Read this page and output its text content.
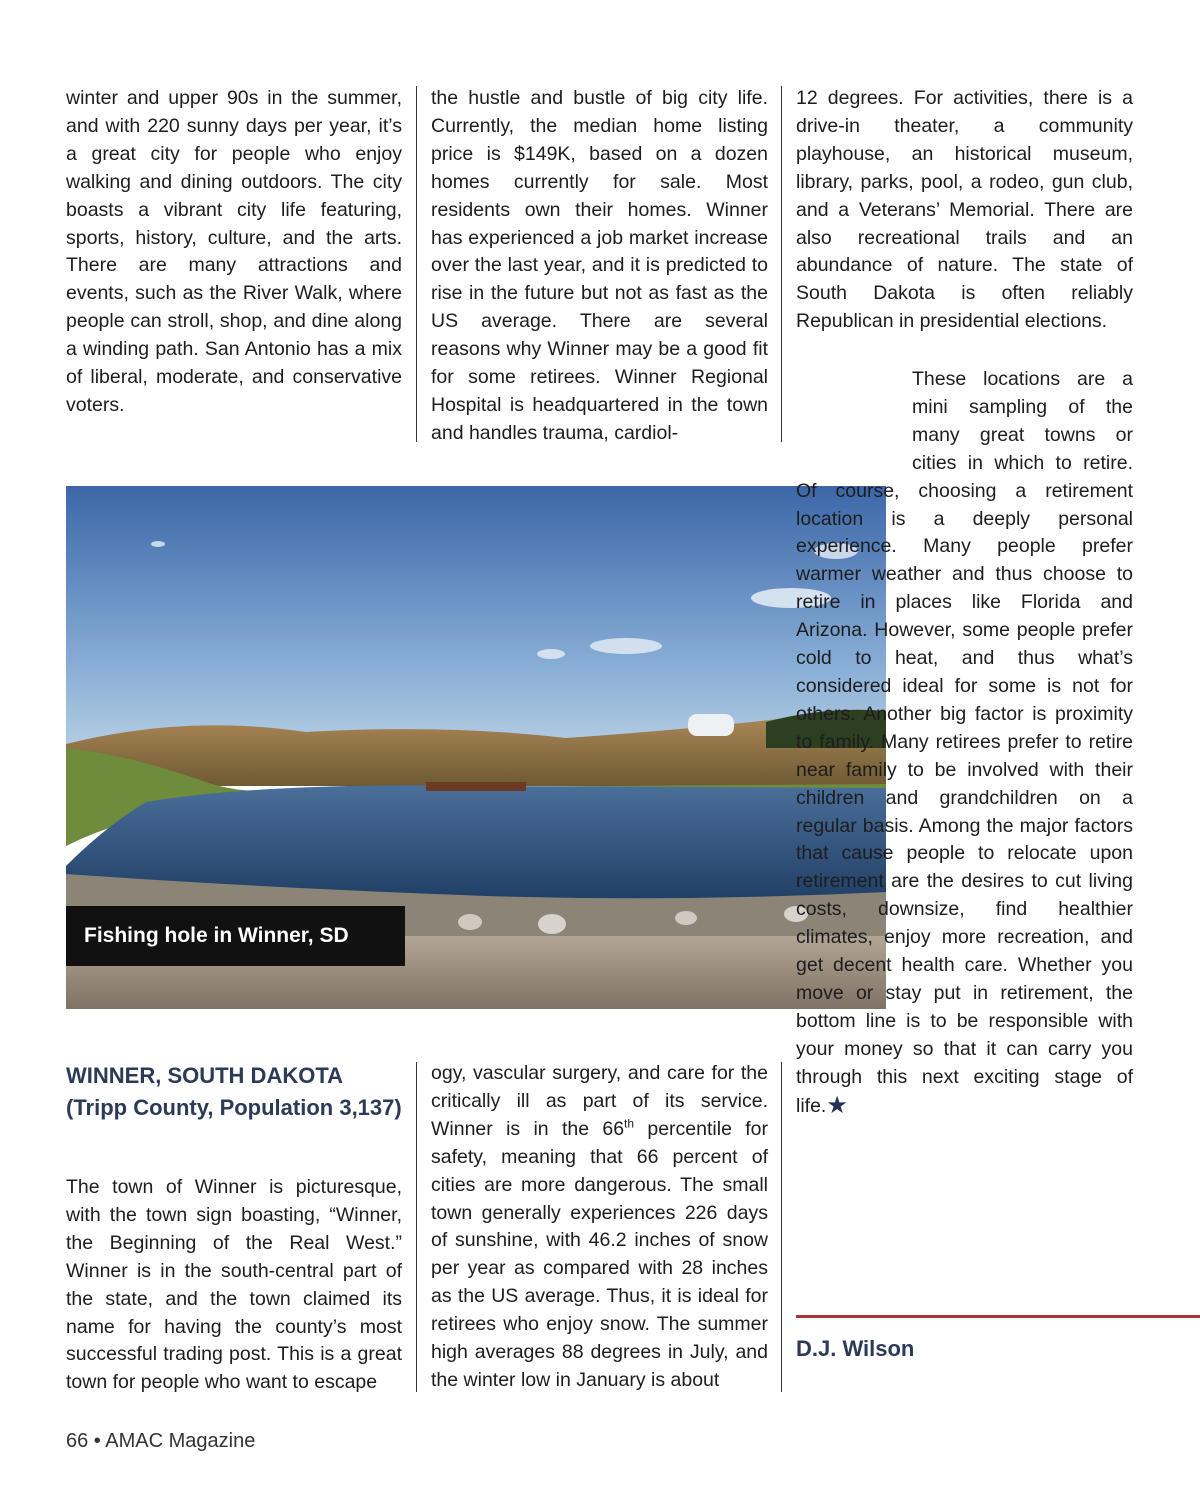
winter and upper 90s in the summer, and with 220 sunny days per year, it’s a great city for people who enjoy walking and dining outdoors. The city boasts a vibrant city life featuring, sports, history, culture, and the arts. There are many attractions and events, such as the River Walk, where people can stroll, shop, and dine along a winding path. San Antonio has a mix of liberal, moderate, and conservative voters.

the hustle and bustle of big city life. Currently, the median home listing price is $149K, based on a dozen homes currently for sale. Most residents own their homes. Winner has experienced a job market increase over the last year, and it is predicted to rise in the future but not as fast as the US average. There are several reasons why Winner may be a good fit for some retirees. Winner Regional Hospital is headquartered in the town and handles trauma, cardiol-

12 degrees. For activities, there is a drive-in theater, a community playhouse, an historical museum, library, parks, pool, a rodeo, gun club, and a Veterans’ Memorial. There are also recreational trails and an abundance of nature. The state of South Dakota is often reliably Republican in presidential elections.

Fishing hole in Winner, SD
WINNER, SOUTH DAKOTA (Tripp County, Population 3,137)

The town of Winner is picturesque, with the town sign boasting, “Winner, the Beginning of the Real West.” Winner is in the south-central part of the state, and the town claimed its name for having the county’s most successful trading post. This is a great town for people who want to escape

ogy, vascular surgery, and care for the critically ill as part of its service. Winner is in the 66th percentile for safety, meaning that 66 percent of cities are more dangerous. The small town generally experiences 226 days of sunshine, with 46.2 inches of snow per year as compared with 28 inches as the US average. Thus, it is ideal for retirees who enjoy snow. The summer high averages 88 degrees in July, and the winter low in January is about

These locations are a mini sampling of the many great towns or cities in which to retire. Of course, choosing a retirement location is a deeply personal experience. Many people prefer warmer weather and thus choose to retire in places like Florida and Arizona. However, some people prefer cold to heat, and thus what’s considered ideal for some is not for others. Another big factor is proximity to family. Many retirees prefer to retire near family to be involved with their children and grandchildren on a regular basis. Among the major factors that cause people to relocate upon retirement are the desires to cut living costs, downsize, find healthier climates, enjoy more recreation, and get decent health care. Whether you move or stay put in retirement, the bottom line is to be responsible with your money so that it can carry you through this next exciting stage of life.★

D.J. Wilson

66 • AMAC Magazine
